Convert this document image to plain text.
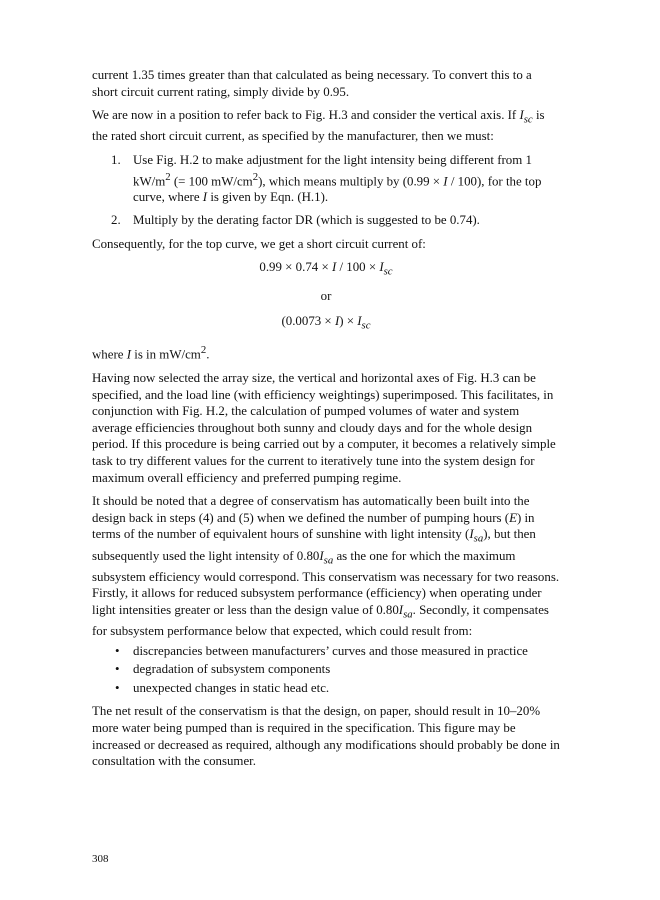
current 1.35 times greater than that calculated as being necessary. To convert this to a short circuit current rating, simply divide by 0.95.

We are now in a position to refer back to Fig. H.3 and consider the vertical axis. If $I_{sc}$ is the rated short circuit current, as specified by the manufacturer, then we must:

1. Use Fig. H.2 to make adjustment for the light intensity being different from 1 $kW/m^2$ (= 100 $mW/cm^2$), which means multiply by (0.99 × I / 100), for the top curve, where I is given by Eqn. (H.1).
2. Multiply by the derating factor DR (which is suggested to be 0.74).

Consequently, for the top curve, we get a short circuit current of:

$0.99 \times 0.74 \times I / 100 \times I_{sc}$

or

$(0.0073 \times I) \times I_{sc}$

where I is in $mW/cm^2$.

Having now selected the array size, the vertical and horizontal axes of Fig. H.3 can be specified, and the load line (with efficiency weightings) superimposed. This facilitates, in conjunction with Fig. H.2, the calculation of pumped volumes of water and system average efficiencies throughout both sunny and cloudy days and for the whole design period. If this procedure is being carried out by a computer, it becomes a relatively simple task to try different values for the current to iteratively tune into the system design for maximum overall efficiency and preferred pumping regime.

It should be noted that a degree of conservatism has automatically been built into the design back in steps (4) and (5) when we defined the number of pumping hours (E) in terms of the number of equivalent hours of sunshine with light intensity $(I_{sa})$, but then subsequently used the light intensity of $0.80I_{sa}$ as the one for which the maximum subsystem efficiency would correspond. This conservatism was necessary for two reasons. Firstly, it allows for reduced subsystem performance (efficiency) when operating under light intensities greater or less than the design value of $0.80I_{sa}$. Secondly, it compensates for subsystem performance below that expected, which could result from:

• discrepancies between manufacturers’ curves and those measured in practice
• degradation of subsystem components
• unexpected changes in static head etc.

The net result of the conservatism is that the design, on paper, should result in 10–20% more water being pumped than is required in the specification. This figure may be increased or decreased as required, although any modifications should probably be done in consultation with the consumer.

308
